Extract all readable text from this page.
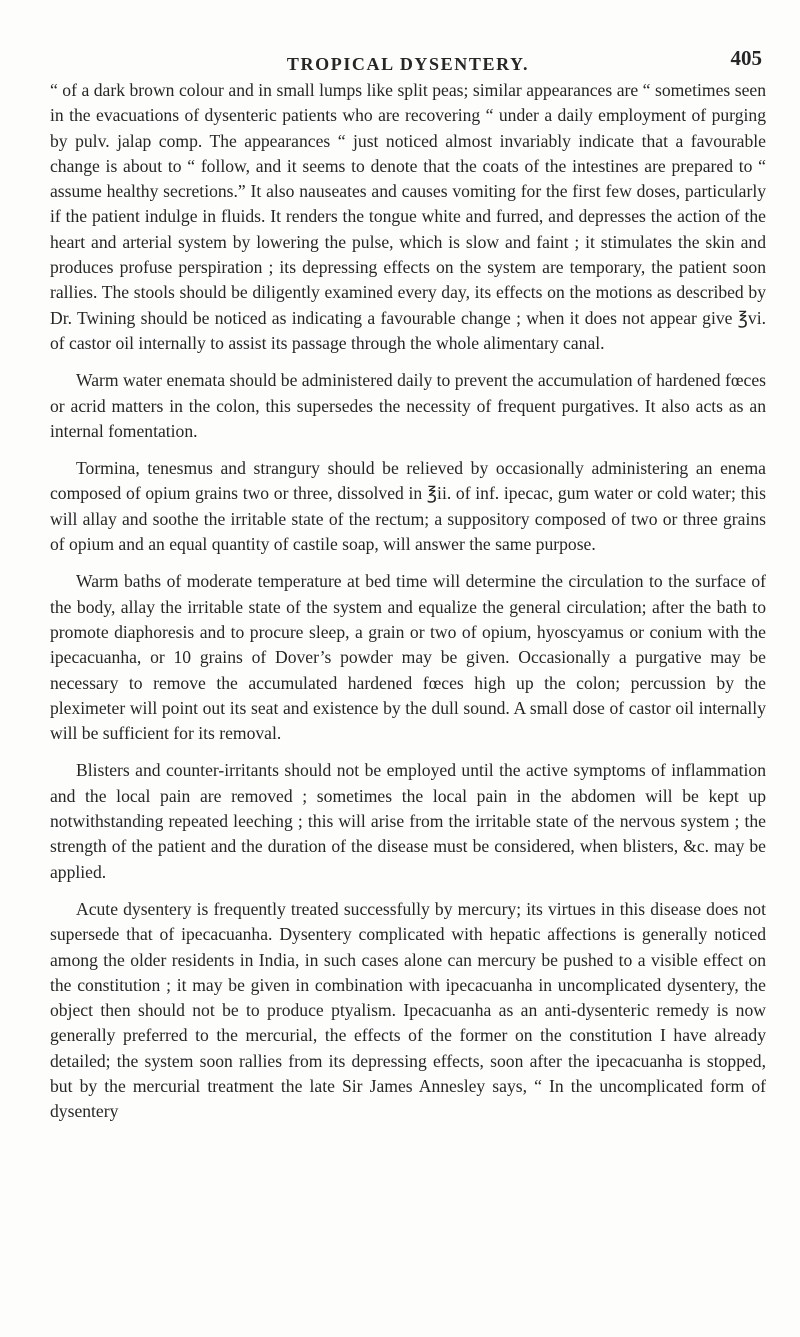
TROPICAL DYSENTERY.	405

“ of a dark brown colour and in small lumps like split peas; similar appearances are “ sometimes seen in the evacuations of dysenteric patients who are recovering “ under a daily employment of purging by pulv. jalap comp. The appearances “ just noticed almost invariably indicate that a favourable change is about to “ follow, and it seems to denote that the coats of the intestines are prepared to “ assume healthy secretions.” It also nauseates and causes vomiting for the first few doses, particularly if the patient indulge in fluids. It renders the tongue white and furred, and depresses the action of the heart and arterial system by lowering the pulse, which is slow and faint ; it stimulates the skin and produces profuse perspiration ; its depressing effects on the system are temporary, the patient soon rallies. The stools should be diligently examined every day, its effects on the motions as described by Dr. Twining should be noticed as indicating a favourable change ; when it does not appear give ℥vi. of castor oil internally to assist its passage through the whole alimentary canal.

Warm water enemata should be administered daily to prevent the accumulation of hardened fœces or acrid matters in the colon, this supersedes the necessity of frequent purgatives. It also acts as an internal fomentation.

Tormina, tenesmus and strangury should be relieved by occasionally administering an enema composed of opium grains two or three, dissolved in ℥ii. of inf. ipecac, gum water or cold water; this will allay and soothe the irritable state of the rectum; a suppository composed of two or three grains of opium and an equal quantity of castile soap, will answer the same purpose.

Warm baths of moderate temperature at bed time will determine the circulation to the surface of the body, allay the irritable state of the system and equalize the general circulation; after the bath to promote diaphoresis and to procure sleep, a grain or two of opium, hyoscyamus or conium with the ipecacuanha, or 10 grains of Dover’s powder may be given. Occasionally a purgative may be necessary to remove the accumulated hardened fœces high up the colon; percussion by the pleximeter will point out its seat and existence by the dull sound. A small dose of castor oil internally will be sufficient for its removal.

Blisters and counter-irritants should not be employed until the active symptoms of inflammation and the local pain are removed ; sometimes the local pain in the abdomen will be kept up notwithstanding repeated leeching ; this will arise from the irritable state of the nervous system ; the strength of the patient and the duration of the disease must be considered, when blisters, &c. may be applied.

Acute dysentery is frequently treated successfully by mercury; its virtues in this disease does not supersede that of ipecacuanha. Dysentery complicated with hepatic affections is generally noticed among the older residents in India, in such cases alone can mercury be pushed to a visible effect on the constitution ; it may be given in combination with ipecacuanha in uncomplicated dysentery, the object then should not be to produce ptyalism. Ipecacuanha as an anti-dysenteric remedy is now generally preferred to the mercurial, the effects of the former on the constitution I have already detailed; the system soon rallies from its depressing effects, soon after the ipecacuanha is stopped, but by the mercurial treatment the late Sir James Annesley says, “ In the uncomplicated form of dysentery
